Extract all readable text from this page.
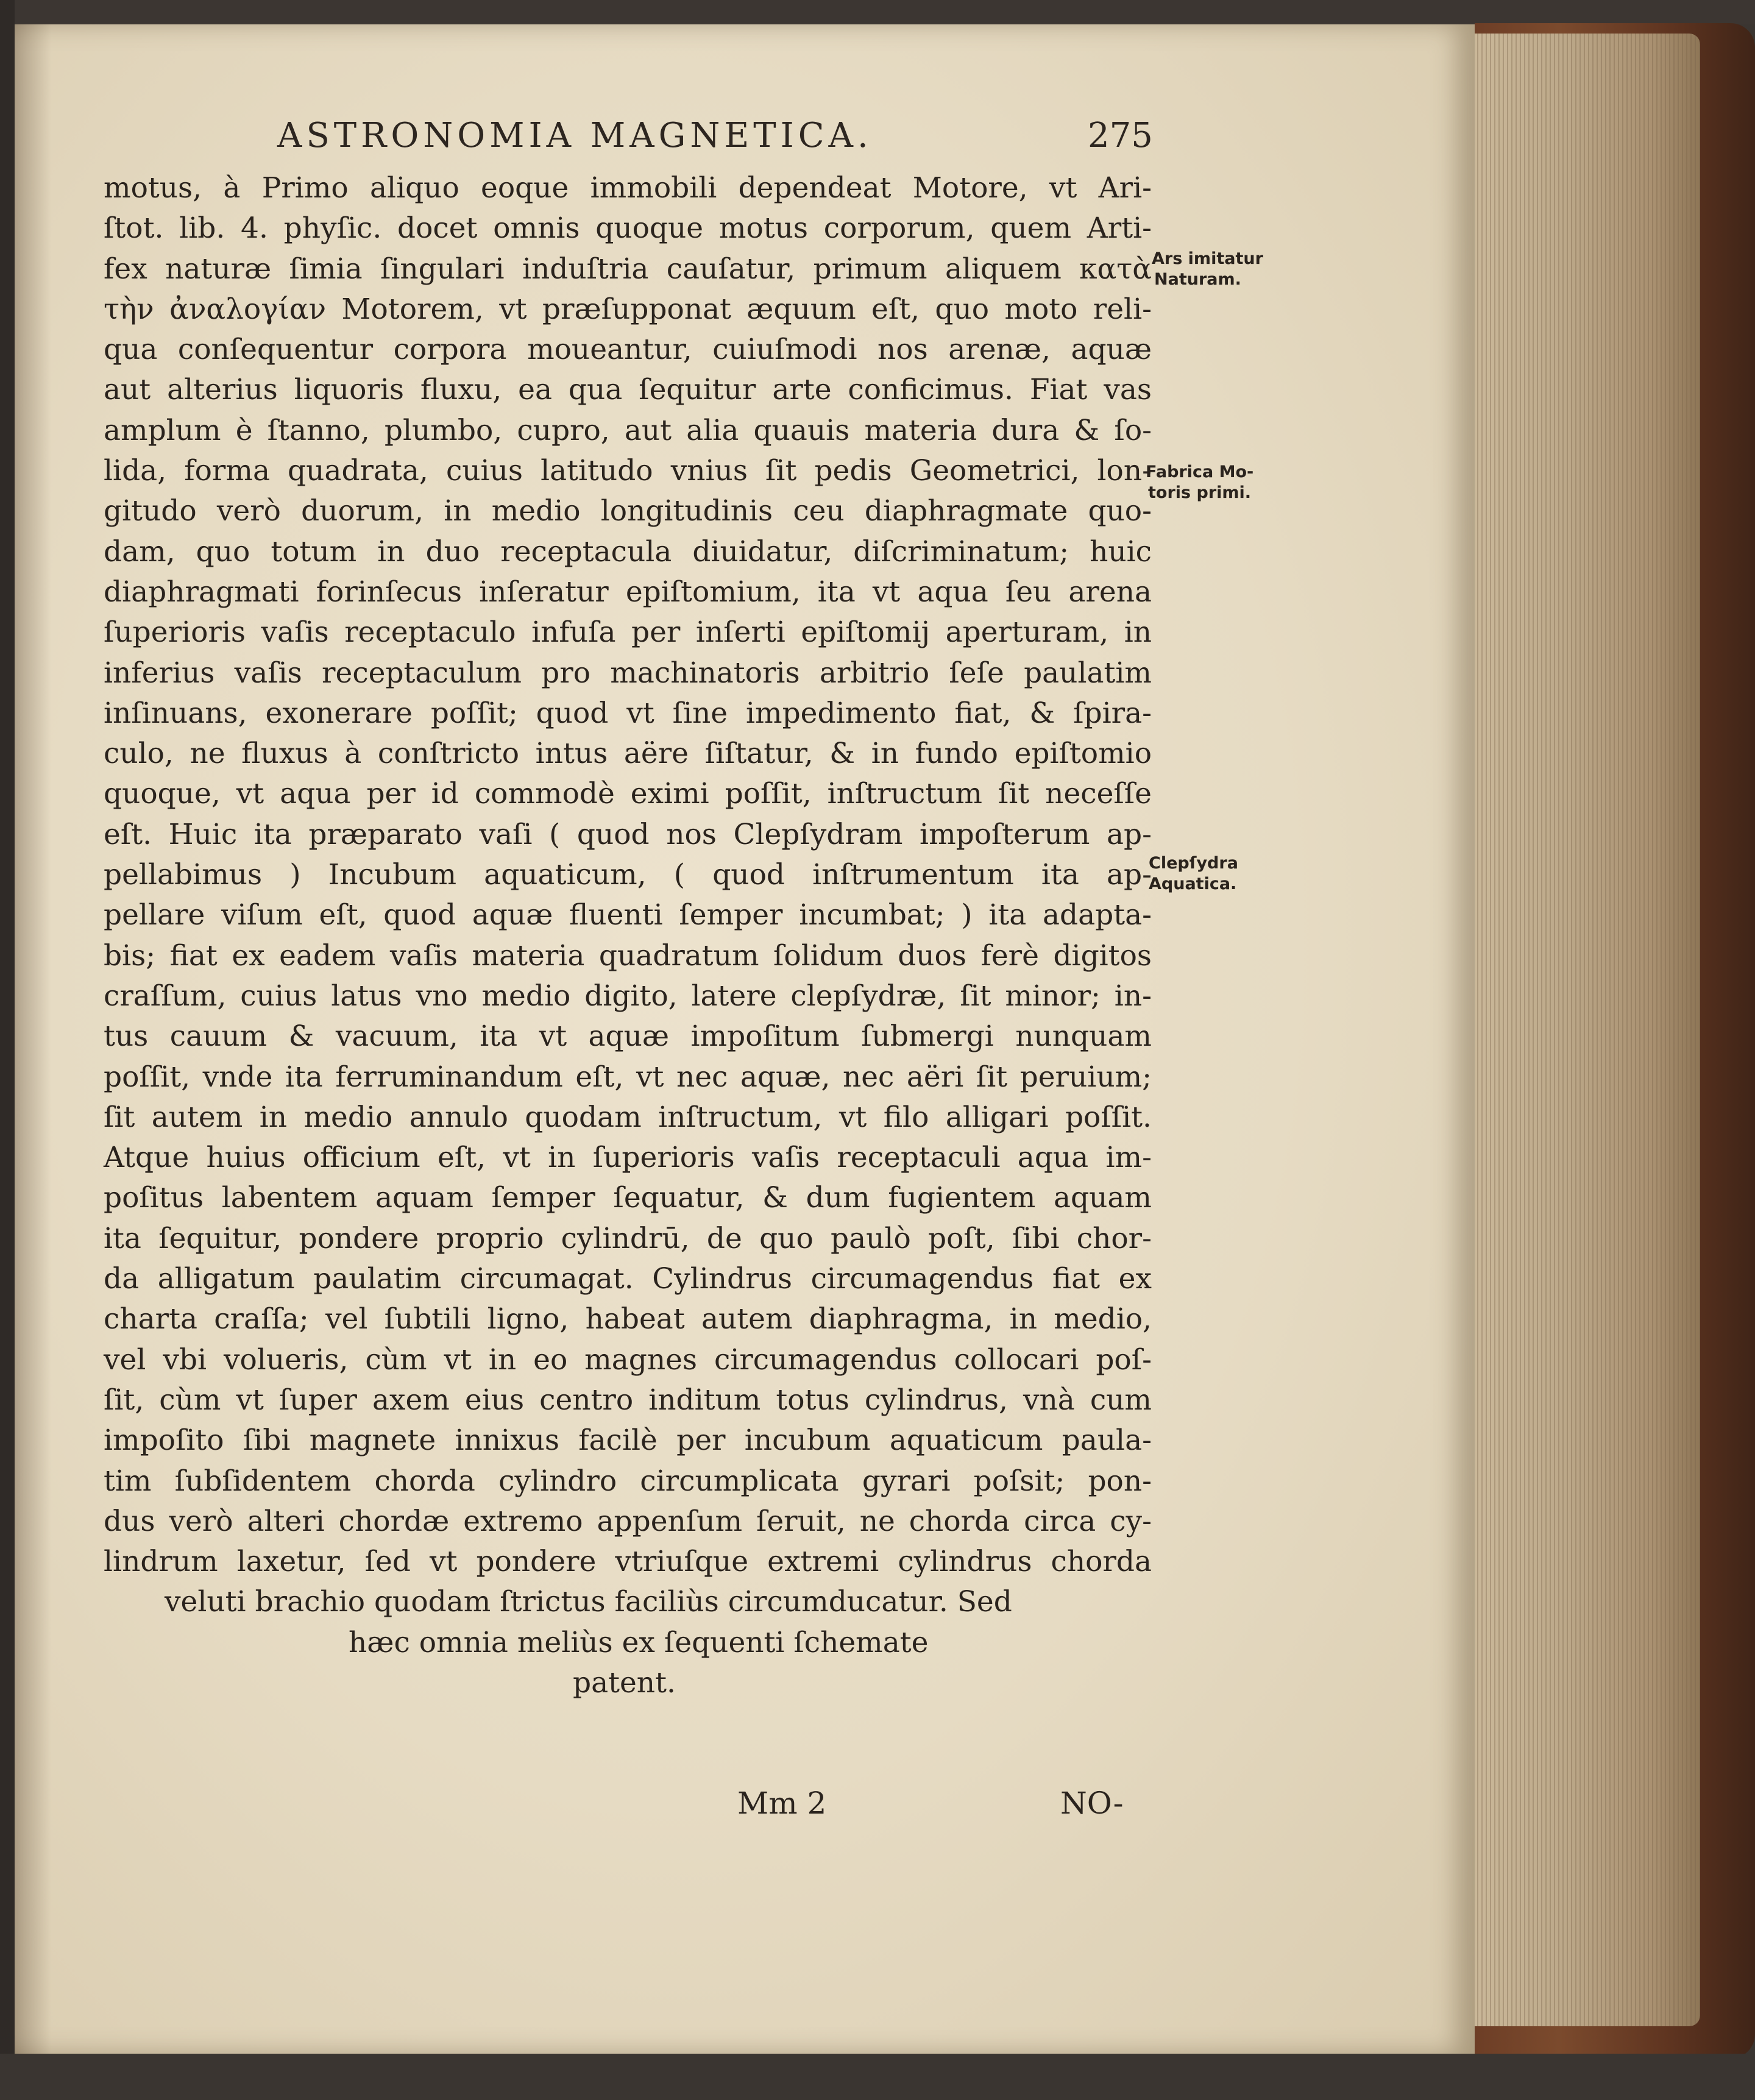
ASTRONOMIA MAGNETICA.	275
motus, à Primo aliquo eoque immobili dependeat Motore, vt Ari-
ſtot. lib. 4. phyſic. docet omnis quoque motus corporum, quem Arti-
fex naturæ ſimia ſingulari induſtria cauſatur, primum aliquem κατὰ
τὴν ἀναλογίαν Motorem, vt præſupponat æquum eſt, quo moto reli-
qua conſequentur corpora moueantur, cuiuſmodi nos arenæ, aquæ
aut alterius liquoris fluxu, ea qua ſequitur arte conficimus. Fiat vas
amplum è ſtanno, plumbo, cupro, aut alia quauis materia dura & ſo-
lida, forma quadrata, cuius latitudo vnius ſit pedis Geometrici, lon-
gitudo verò duorum, in medio longitudinis ceu diaphragmate quo-
dam, quo totum in duo receptacula diuidatur, diſcriminatum; huic
diaphragmati forinſecus inſeratur epiſtomium, ita vt aqua ſeu arena
ſuperioris vaſis receptaculo infuſa per inſerti epiſtomij aperturam, in
inferius vaſis receptaculum pro machinatoris arbitrio ſeſe paulatim
inſinuans, exonerare poſſit; quod vt ſine impedimento fiat, & ſpira-
culo, ne fluxus à conſtricto intus aëre ſiſtatur, & in fundo epiſtomio
quoque, vt aqua per id commodè eximi poſſit, inſtructum ſit neceſſe
eſt. Huic ita præparato vaſi ( quod nos Clepſydram impoſterum ap-
pellabimus ) Incubum aquaticum, ( quod inſtrumentum ita ap-
pellare viſum eſt, quod aquæ fluenti ſemper incumbat; ) ita adapta-
bis; fiat ex eadem vaſis materia quadratum ſolidum duos ferè digitos
craſſum, cuius latus vno medio digito, latere clepſydræ, ſit minor; in-
tus cauum & vacuum, ita vt aquæ impoſitum ſubmergi nunquam
poſſit, vnde ita ferruminandum eſt, vt nec aquæ, nec aëri ſit peruium;
ſit autem in medio annulo quodam inſtructum, vt filo alligari poſſit.
Atque huius officium eſt, vt in ſuperioris vaſis receptaculi aqua im-
poſitus labentem aquam ſemper ſequatur, & dum fugientem aquam
ita ſequitur, pondere proprio cylindrū, de quo paulò poſt, ſibi chor-
da alligatum paulatim circumagat. Cylindrus circumagendus fiat ex
charta craſſa; vel ſubtili ligno, habeat autem diaphragma, in medio,
vel vbi volueris, cùm vt in eo magnes circumagendus collocari poſ-
ſit, cùm vt ſuper axem eius centro inditum totus cylindrus, vnà cum
impoſito ſibi magnete innixus facilè per incubum aquaticum paula-
tim ſubſidentem chorda cylindro circumplicata gyrari poſsit; pon-
dus verò alteri chordæ extremo appenſum ſeruit, ne chorda circa cy-
lindrum laxetur, ſed vt pondere vtriuſque extremi cylindrus chorda
veluti brachio quodam ſtrictus faciliùs circumducatur. Sed
hæc omnia meliùs ex ſequenti ſchemate
patent.
Ars imitatur
Naturam.
Fabrica Mo-
toris primi.
Clepſydra
Aquatica.
Mm 2	NO-
